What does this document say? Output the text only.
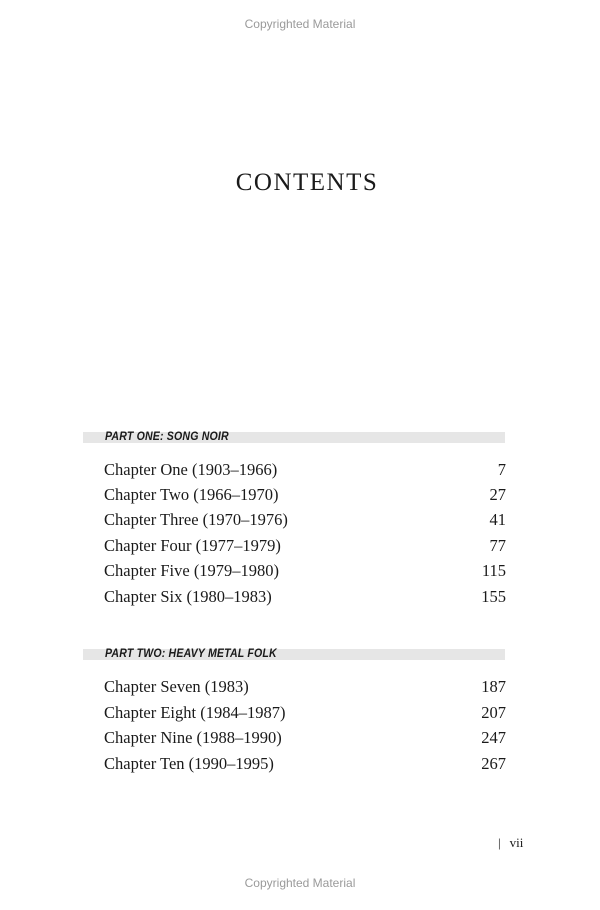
Copyrighted Material
CONTENTS
PART ONE: SONG NOIR
Chapter One (1903–1966)	7
Chapter Two (1966–1970)	27
Chapter Three (1970–1976)	41
Chapter Four (1977–1979)	77
Chapter Five (1979–1980)	115
Chapter Six (1980–1983)	155
PART TWO: HEAVY METAL FOLK
Chapter Seven (1983)	187
Chapter Eight (1984–1987)	207
Chapter Nine (1988–1990)	247
Chapter Ten (1990–1995)	267
| vii
Copyrighted Material
